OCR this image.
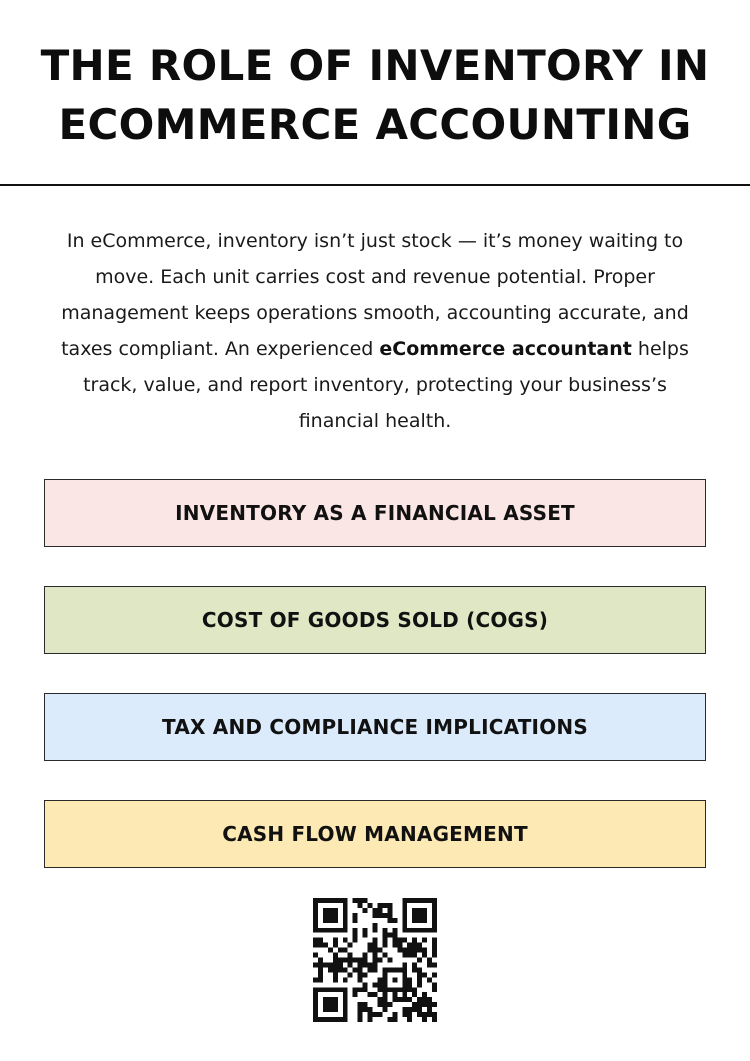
THE ROLE OF INVENTORY IN
ECOMMERCE ACCOUNTING

In eCommerce, inventory isn’t just stock — it’s money waiting to move. Each unit carries cost and revenue potential. Proper management keeps operations smooth, accounting accurate, and taxes compliant. An experienced eCommerce accountant helps track, value, and report inventory, protecting your business’s financial health.

INVENTORY AS A FINANCIAL ASSET
COST OF GOODS SOLD (COGS)
TAX AND COMPLIANCE IMPLICATIONS
CASH FLOW MANAGEMENT
